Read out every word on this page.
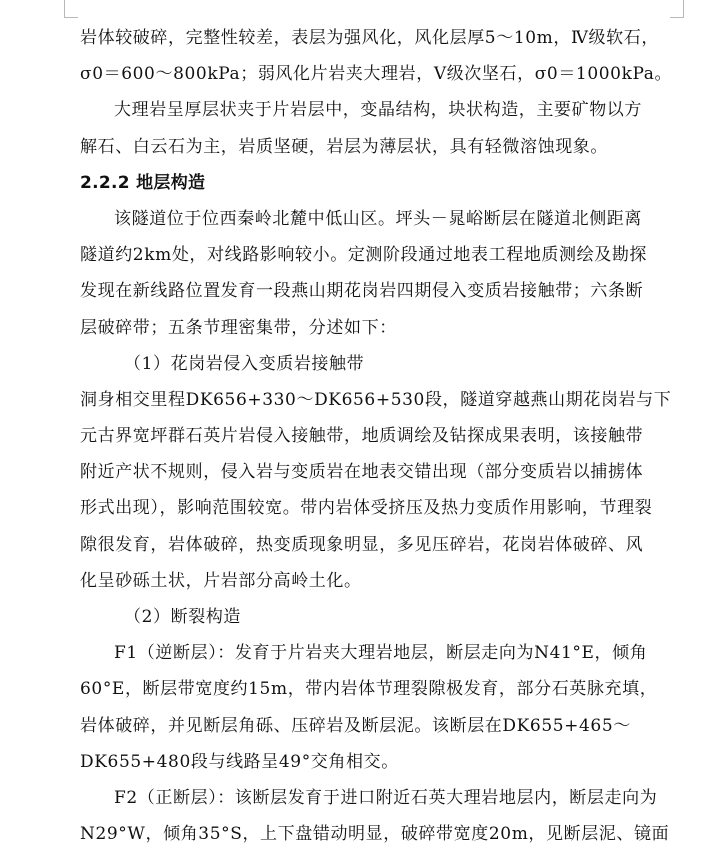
岩体较破碎，完整性较差，表层为强风化，风化层厚5～10m，Ⅳ级软石，
σ0＝600～800kPa；弱风化片岩夹大理岩，Ⅴ级次坚石，σ0＝1000kPa。
大理岩呈厚层状夹于片岩层中，变晶结构，块状构造，主要矿物以方
解石、白云石为主，岩质坚硬，岩层为薄层状，具有轻微溶蚀现象。
2.2.2 地层构造
该隧道位于位西秦岭北麓中低山区。坪头－晁峪断层在隧道北侧距离
隧道约2km处，对线路影响较小。定测阶段通过地表工程地质测绘及勘探
发现在新线路位置发育一段燕山期花岗岩四期侵入变质岩接触带；六条断
层破碎带；五条节理密集带，分述如下：
（1）花岗岩侵入变质岩接触带
洞身相交里程DK656+330～DK656+530段，隧道穿越燕山期花岗岩与下
元古界宽坪群石英片岩侵入接触带，地质调绘及钻探成果表明，该接触带
附近产状不规则，侵入岩与变质岩在地表交错出现（部分变质岩以捕掳体
形式出现），影响范围较宽。带内岩体受挤压及热力变质作用影响，节理裂
隙很发育，岩体破碎，热变质现象明显，多见压碎岩，花岗岩体破碎、风
化呈砂砾土状，片岩部分高岭土化。
（2）断裂构造
F1（逆断层）：发育于片岩夹大理岩地层，断层走向为N41°E，倾角
60°E，断层带宽度约15m，带内岩体节理裂隙极发育，部分石英脉充填，
岩体破碎，并见断层角砾、压碎岩及断层泥。该断层在DK655+465～
DK655+480段与线路呈49°交角相交。
F2（正断层）：该断层发育于进口附近石英大理岩地层内，断层走向为
N29°W，倾角35°S，上下盘错动明显，破碎带宽度20m，见断层泥、镜面
